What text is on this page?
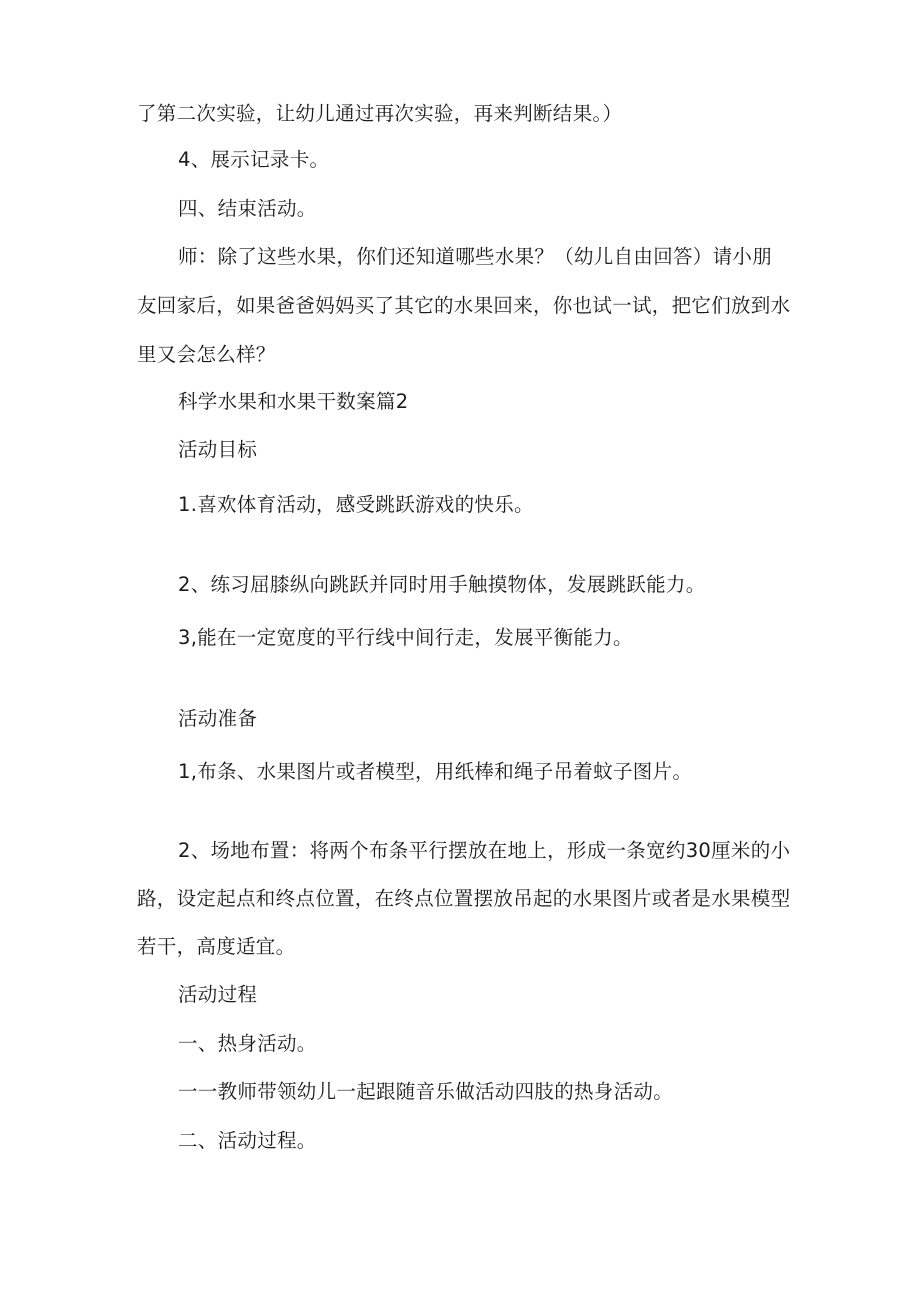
了第二次实验，让幼儿通过再次实验，再来判断结果。）

4、展示记录卡。

四、结束活动。

师：除了这些水果，你们还知道哪些水果？（幼儿自由回答）请小朋

友回家后，如果爸爸妈妈买了其它的水果回来，你也试一试，把它们放到水

里又会怎么样？

科学水果和水果干数案篇2

活动目标

1.喜欢体育活动，感受跳跃游戏的快乐。

2、练习屈膝纵向跳跃并同时用手触摸物体，发展跳跃能力。

3,能在一定宽度的平行线中间行走，发展平衡能力。

活动准备

1,布条、水果图片或者模型，用纸棒和绳子吊着蚊子图片。

2、场地布置：将两个布条平行摆放在地上，形成一条宽约30厘米的小

路，设定起点和终点位置，在终点位置摆放吊起的水果图片或者是水果模型

若干，高度适宜。

活动过程

一、热身活动。

一一教师带领幼儿一起跟随音乐做活动四肢的热身活动。

二、活动过程。
